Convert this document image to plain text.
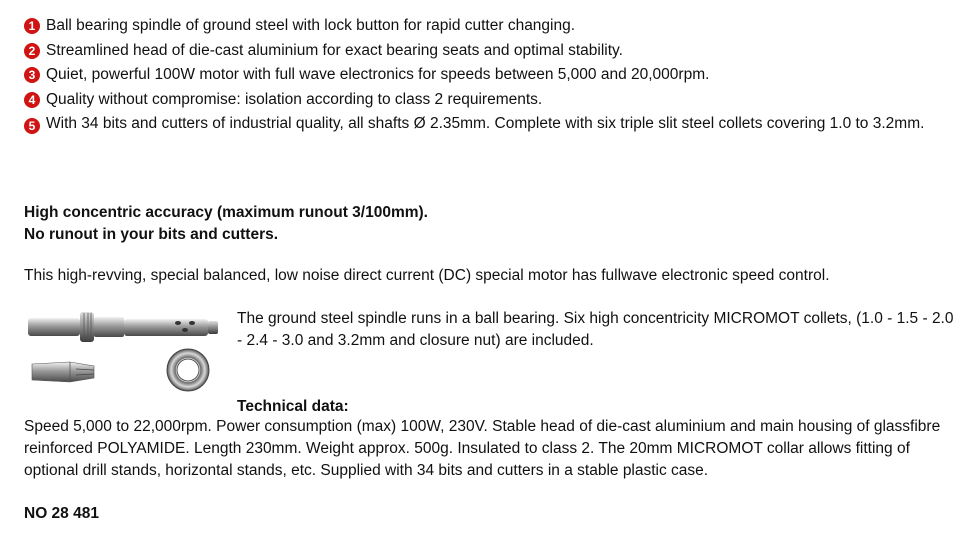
1 Ball bearing spindle of ground steel with lock button for rapid cutter changing.
2 Streamlined head of die-cast aluminium for exact bearing seats and optimal stability.
3 Quiet, powerful 100W motor with full wave electronics for speeds between 5,000 and 20,000rpm.
4 Quality without compromise: isolation according to class 2 requirements.
5 With 34 bits and cutters of industrial quality, all shafts Ø 2.35mm. Complete with six triple slit steel collets covering 1.0 to 3.2mm.
High concentric accuracy (maximum runout 3/100mm).
No runout in your bits and cutters.
This high-revving, special balanced, low noise direct current (DC) special motor has fullwave electronic speed control.
The ground steel spindle runs in a ball bearing. Six high concentricity MICROMOT collets, (1.0 - 1.5 - 2.0 - 2.4 - 3.0 and 3.2mm and closure nut) are included.
Technical data:
Speed 5,000 to 22,000rpm. Power consumption (max) 100W, 230V. Stable head of die-cast aluminium and main housing of glassfibre reinforced POLYAMIDE. Length 230mm. Weight approx. 500g. Insulated to class 2. The 20mm MICROMOT collar allows fitting of optional drill stands, horizontal stands, etc. Supplied with 34 bits and cutters in a stable plastic case.
NO 28 481
